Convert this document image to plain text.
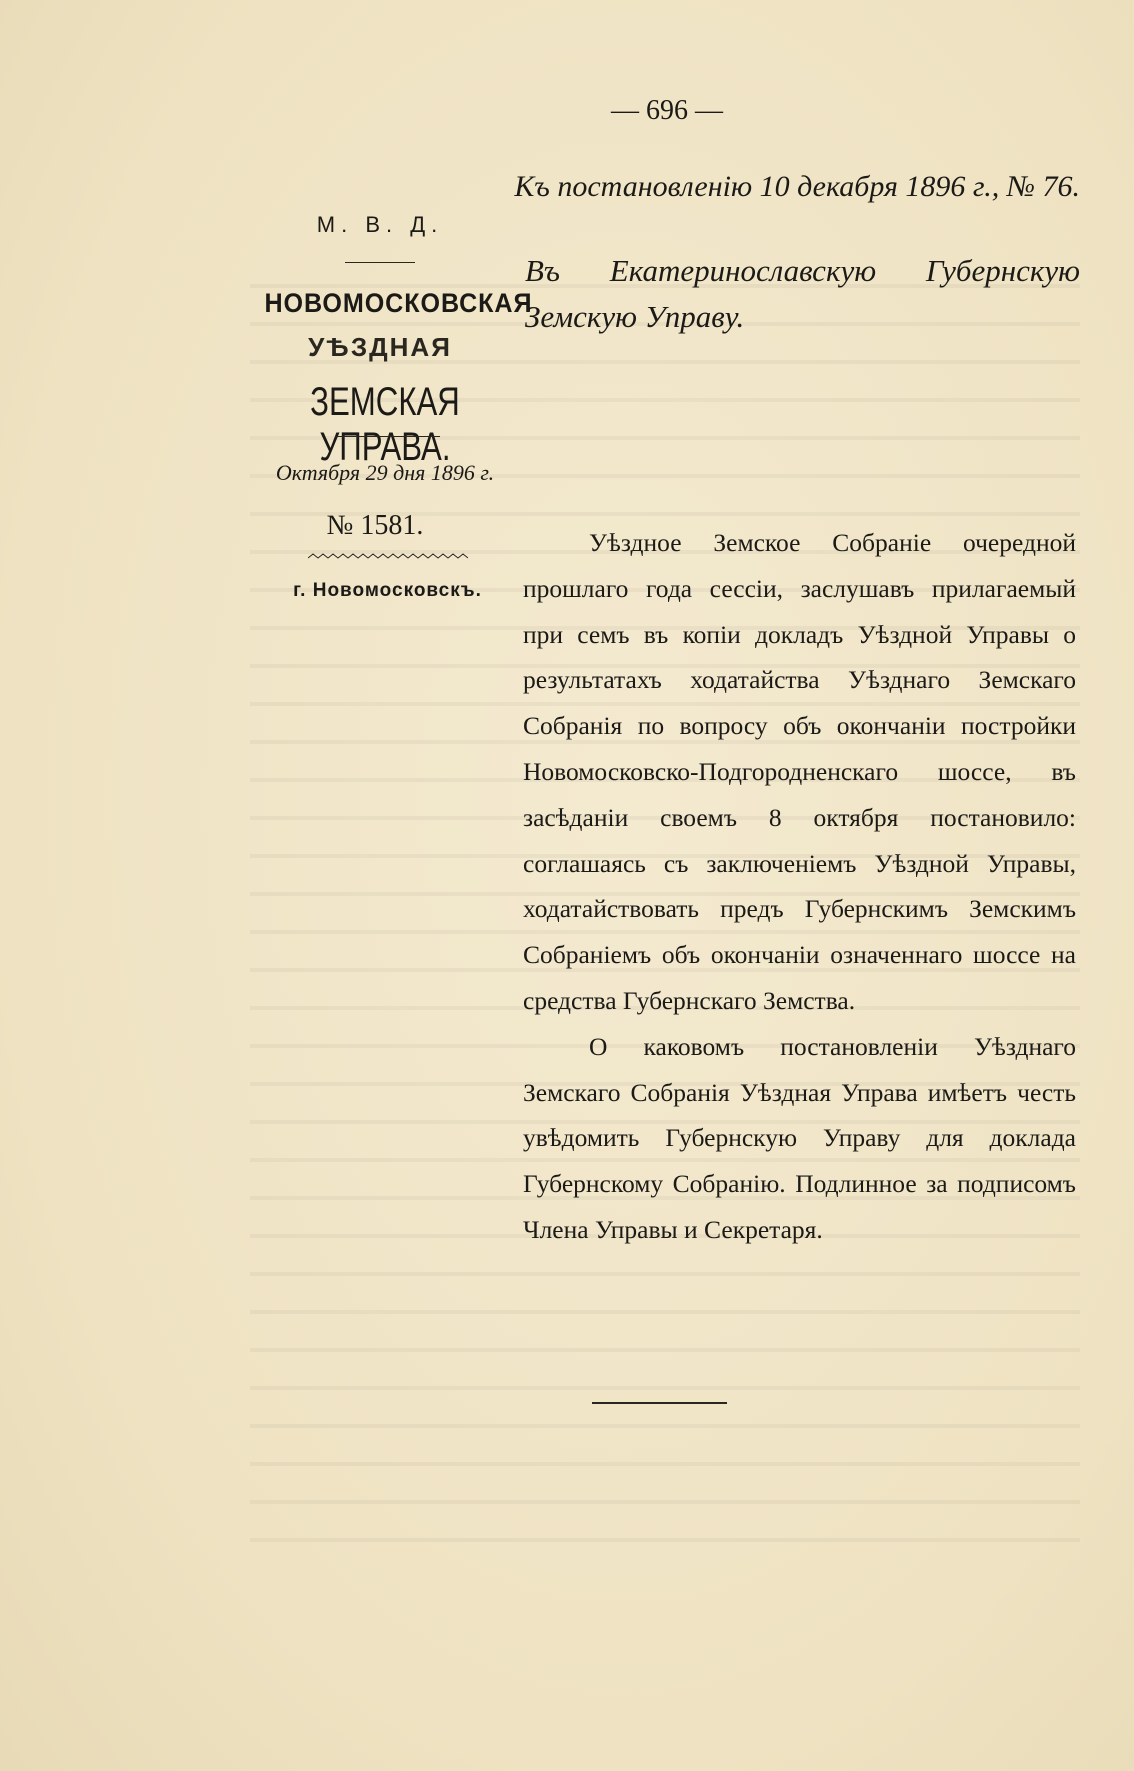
— 696 —
Къ постановленію 10 декабря 1896 г., № 76.
М. В. Д.
НОВОМОСКОВСКАЯ
УѢЗДНАЯ
ЗЕМСКАЯ УПРАВА.
Октября 29 дня 1896 г.
№ 1581.
г. Новомосковскъ.
Въ Екатеринославскую Губернскую Земскую Управу.

Уѣздное Земское Собраніе очередной прошлаго года сессіи, заслушавъ прилагаемый при семъ въ копіи докладъ Уѣздной Управы о результатахъ ходатайства Уѣзднаго Земскаго Собранія по вопросу объ окончаніи постройки Новомосковско-Подгородненскаго шоссе, въ засѣданіи своемъ 8 октября постановило: соглашаясь съ заключеніемъ Уѣздной Управы, ходатайствовать предъ Губернскимъ Земскимъ Собраніемъ объ окончаніи означеннаго шоссе на средства Губернскаго Земства.

О каковомъ постановленіи Уѣзднаго Земскаго Собранія Уѣздная Управа имѣетъ честь увѣдомить Губернскую Управу для доклада Губернскому Собранію. Подлинное за подписомъ Члена Управы и Секретаря.
